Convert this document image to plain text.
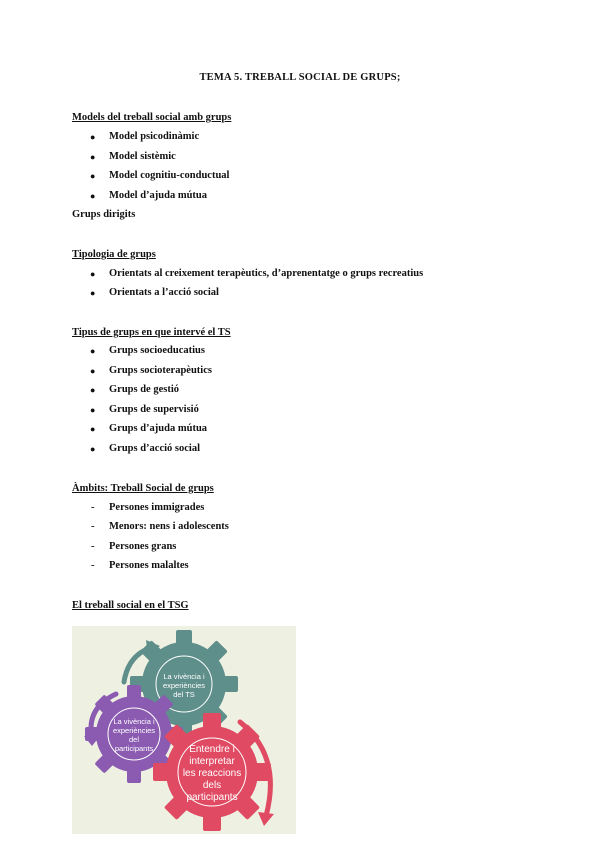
TEMA 5. TREBALL SOCIAL DE GRUPS;
Models del treball social amb grups
● Model psicodinàmic
● Model sistèmic
● Model cognitiu-conductual
● Model d’ajuda mútua
Grups dirigits
Tipologia de grups
● Orientats al creixement terapèutics, d’aprenentatge o grups recreatius
● Orientats a l’acció social
Tipus de grups en que intervé el TS
● Grups socioeducatius
● Grups socioterapèutics
● Grups de gestió
● Grups de supervisió
● Grups d’ajuda mútua
● Grups d’acció social
Àmbits: Treball Social de grups
- Persones immigrades
- Menors: nens i adolescents
- Persones grans
- Persones malaltes
El treball social en el TSG
La vivència i
experiències
del TS
La vivència i
experiències
del
participants	Entendre i
interpretar
les reaccions
dels
participants
